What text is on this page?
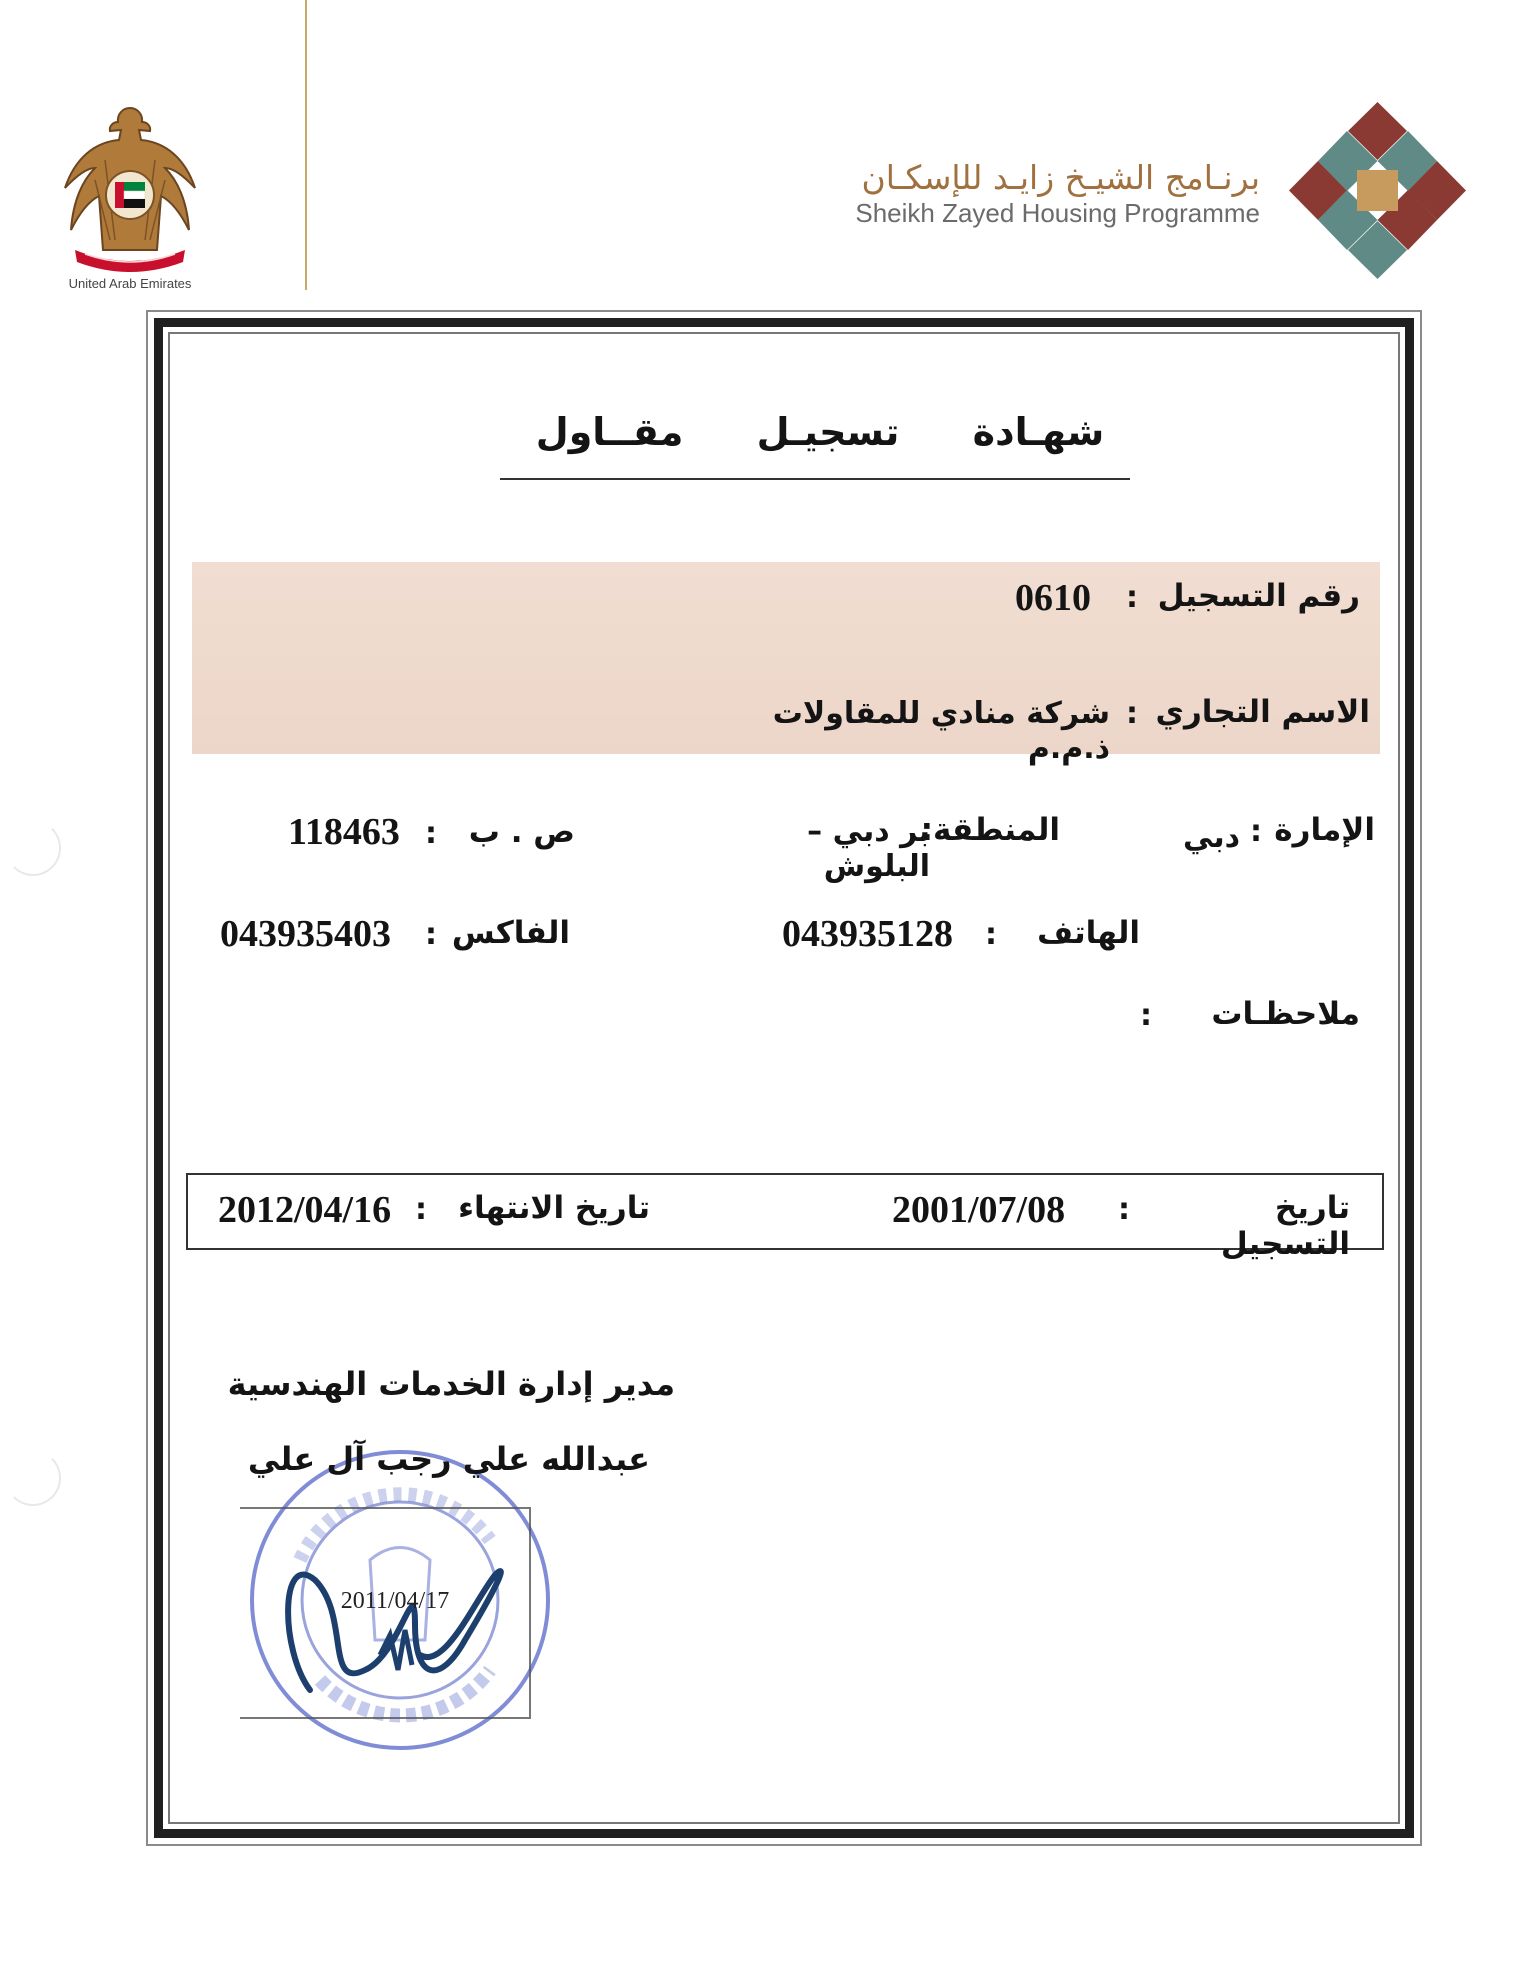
United Arab Emirates
برنـامج الشيـخ زايـد للإسكـان
Sheikh Zayed Housing Programme
شهـادة تسجيـل مقــاول
رقم التسجيل
:
0610
الاسم التجاري
:
شركة منادي للمقاولات ذ.م.م
الإمارة
:
دبي
المنطقة:
بر دبي – البلوش
ص . ب
:
118463
الهاتف
:
043935128
الفاكس
:
043935403
ملاحظـات
:
تاريخ التسجيل
:
2001/07/08
تاريخ الانتهاء
:
2012/04/16
مدير إدارة الخدمات الهندسية
2011/04/17
عبدالله علي رجب آل علي
